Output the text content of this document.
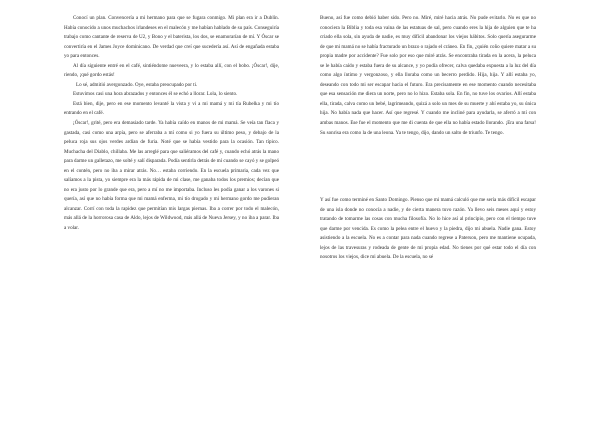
Conocí un plan. Convencería a mi hermano para que se fugara conmigo. Mi plan era ir a Dublín. Había conocido a unos muchachos irlandeses en el malecón y me habían hablado de su país. Conseguiría trabajo como cantante de reserva de U2, y Bono y el baterista, los dos, se enamorarían de mí. Y Óscar se convertiría en el James Joyce dominicano. De verdad que creí que sucedería así. Así de engañada estaba yo para entonces.

Al día siguiente entré en el café, sintiéndome nueveera, y lo estaba allí, con el bobo. ¡Óscar!, dije, riendo, ¡qué gordo estás!

Lo sé, admitió avergonzado. Oye, estaba preocupado por ti.

Estuvimos casi una hora abrazados y entonces él se echó a llorar. Lola, lo siento.

Está bien, dije, pero en ese momento levanté la vista y vi a mi mamá y mi tía Rubelka y mi tío entrando en el café.

¡Óscar!, grité, pero era demasiado tarde. Ya había caído en manos de mi mamá. Se veía tan flaca y gastada, casi como una arpía, pero se aferraba a mí como si yo fuera su último peso, y debajo de la peluca roja sus ojos verdes ardían de furia. Noté que se había vestido para la ocasión. Tan típico. Muchacha del Diablo, chillaba. Me las arreglé para que saliéramos del café y, cuando echó atrás la mano para darme un galletazo, me solté y salí disparada. Podía sentirla detrás de mí cuando se cayó y se golpeó en el contén, pero no iba a mirar atrás. No… estaba corriendo. En la escuela primaria, cada vez que salíamos a la pista, yo siempre era la más rápida de mi clase, me ganaba todos los premios; decían que no era justo por lo grande que era, pero a mí no me importaba. Incluso les podía ganar a los varones si quería, así que no había forma que mi mamá enferma, mi tío drogado y mi hermano gordo me pudieran alcanzar. Corrí con toda la rapidez que permitían mis largas piernas. Iba a correr por todo el malecón, más allá de la horrorosa casa de Aldo, lejos de Wildwood, más allá de Nueva Jersey, y no iba a parar. Iba a volar.

Bueno, así fue como debió haber sido. Pero no. Miré, miré hacia atrás. No pude evitarlo. No es que no conociera la Biblia y toda esa vaina de las estatuas de sal, pero cuando eres la hija de alguien que te ha criado ella sola, sin ayuda de nadie, es muy difícil abandonar los viejos hábitos. Solo quería asegurarme de que mi mamá no se había fracturado un brazo o rajado el cráneo. En fin, ¿quién coño quiere matar a su propia madre por accidente? Fue solo por eso que miré atrás. Se encontraba tirada en la acera, la peluca se le había caído y estaba fuera de su alcance, y yo podía ofrecer, calva quedaba expuesta a la luz del día como algo íntimo y vergonzoso, y ella lloraba como un becerro perdido. Hija, hija. Y allí estaba yo, deseando con todo mi ser escapar hacia el futuro. Era precisamente en ese momento cuando necesitaba que esa sensación me diera un norte, pero no lo hizo. Estaba sola. En fin, no tuve los ovarios. Allí estaba ella, tirada, calva como un bebé, lagrimeando, quizá a solo un mes de su muerte y ahí estaba yo, su única hija. No había nada que hacer. Así que regresé. Y cuando me incliné para ayudarla, se aferró a mí con ambas manos. Ese fue el momento que me di cuenta de que ella no había estado llorando. ¡Era una farsa! Su sonrisa era como la de una leona. Ya te tengo, dijo, dando un salto de triunfo. Te tengo.

Y así fue como terminé en Santo Domingo. Pienso que mi mamá calculó que me sería más difícil escapar de una isla donde no conocía a nadie, y de cierta manera tuvo razón. Ya llevo seis meses aquí y estoy tratando de tomarme las cosas con mucha filosofía. No lo hice así al principio, pero con el tiempo tuve que darme por vencida. Es como la pelea entre el huevo y la piedra, dijo mi abuela. Nadie gana. Estoy asistiendo a la escuela. No es a contar para nada cuando regrese a Paterson, pero me mantiene ocupada, lejos de las travesuras y rodeada de gente de mi propia edad. No tienes por qué estar todo el día con nosotros los viejos, dice mi abuela. De la escuela, no sé
